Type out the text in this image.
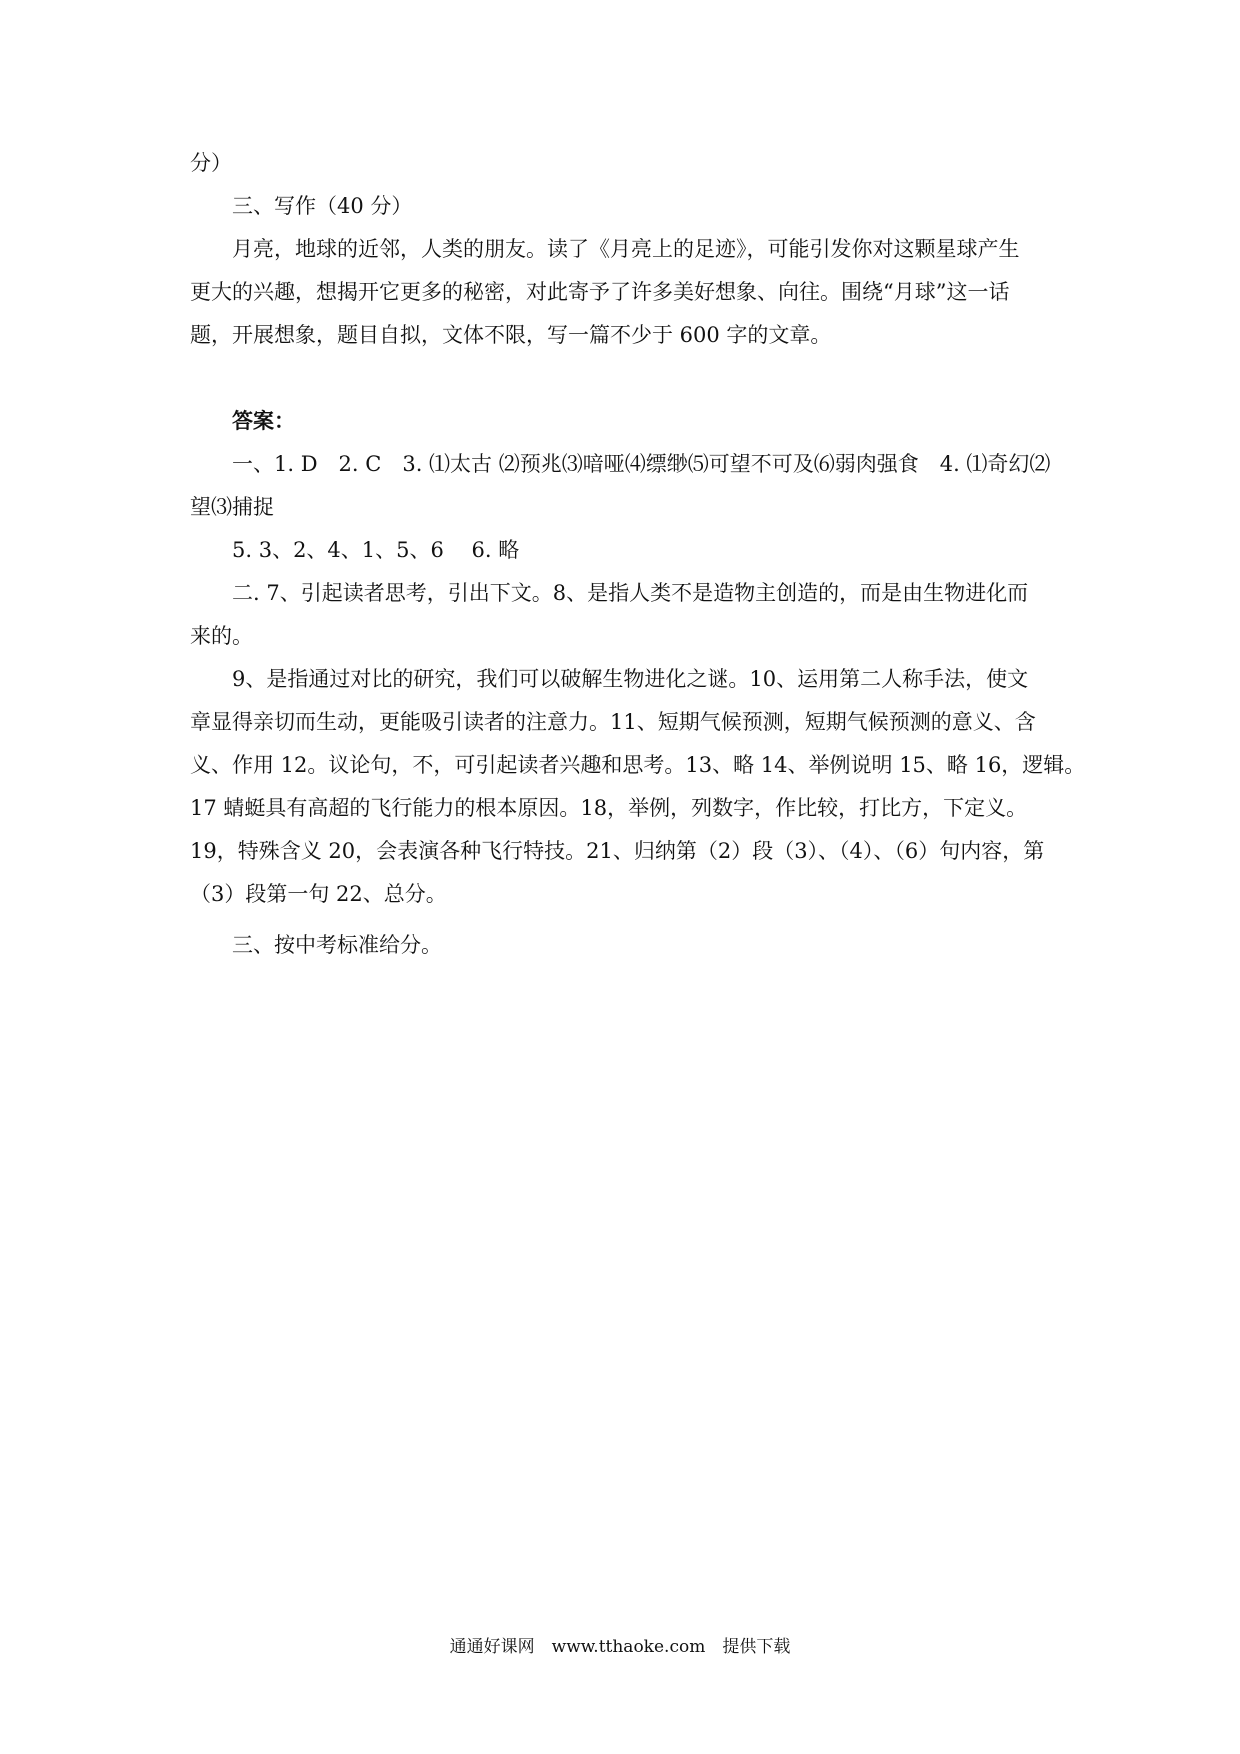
分）
三、写作（40 分）
月亮，地球的近邻，人类的朋友。读了《月亮上的足迹》，可能引发你对这颗星球产生
更大的兴趣，想揭开它更多的秘密，对此寄予了许多美好想象、向往。围绕“月球”这一话
题，开展想象，题目自拟，文体不限，写一篇不少于 600 字的文章。
答案：
一、1. D　2. C　3. ⑴太古 ⑵预兆⑶喑哑⑷缥缈⑸可望不可及⑹弱肉强食　4. ⑴奇幻⑵
望⑶捕捉
5. 3、2、4、1、5、6　 6. 略
二. 7、引起读者思考，引出下文。8、是指人类不是造物主创造的，而是由生物进化而
来的。
9、是指通过对比的研究，我们可以破解生物进化之谜。10、运用第二人称手法，使文
章显得亲切而生动，更能吸引读者的注意力。11、短期气候预测，短期气候预测的意义、含
义、作用 12。议论句，不，可引起读者兴趣和思考。13、略 14、举例说明 15、略 16，逻辑。
17 蜻蜓具有高超的飞行能力的根本原因。18，举例，列数字，作比较，打比方，下定义。
19，特殊含义 20，会表演各种飞行特技。21、归纳第（2）段（3）、（4）、（6）句内容，第
（3）段第一句 22、总分。
三、按中考标准给分。
通通好课网　www.tthaoke.com　提供下载
